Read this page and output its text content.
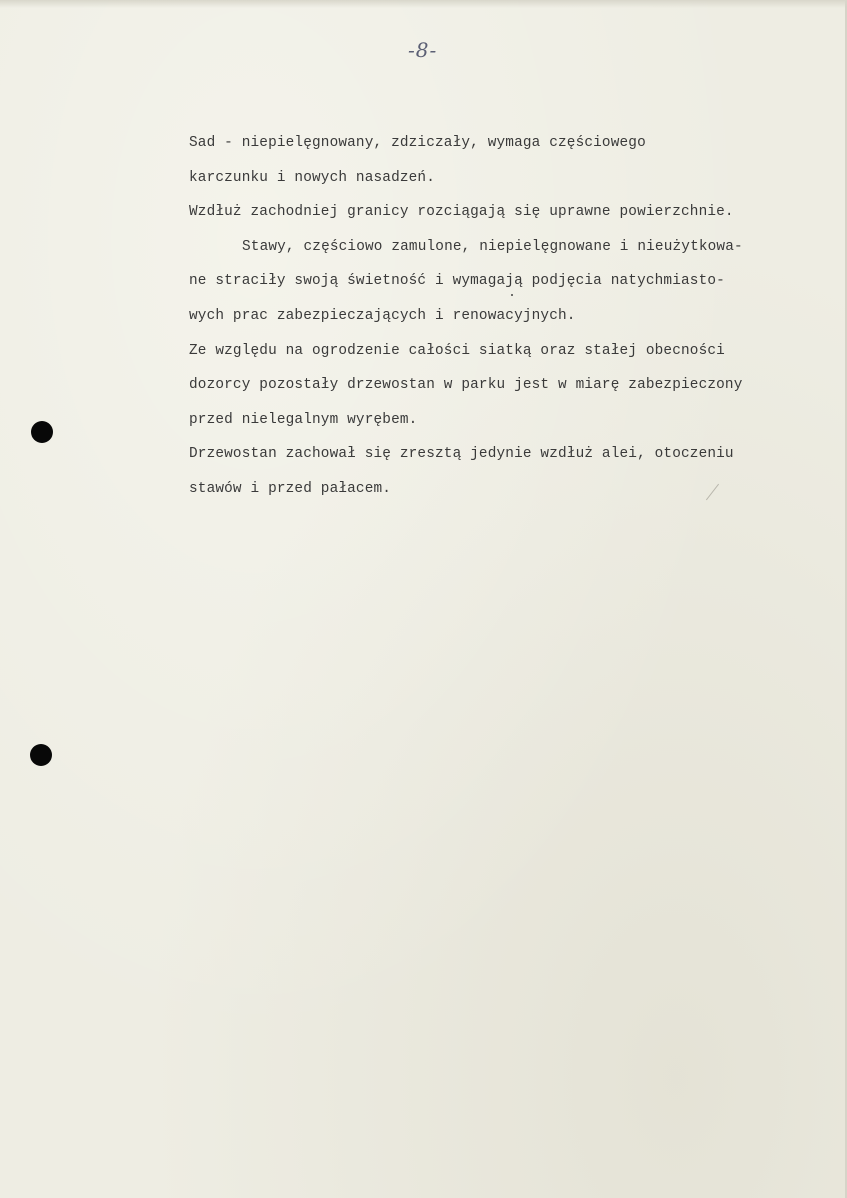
-8-
Sad - niepielęgnowany, zdziczały, wymaga częściowego
karczunku i nowych nasadzeń.
Wzdłuż zachodniej granicy rozciągają się uprawne powierzchnie.
Stawy, częściowo zamulone, niepielęgnowane i nieużytkowa-
ne straciły swoją świetność i wymagają podjęcia natychmiasto-
wych prac zabezpieczających i renowacyjnych.
Ze względu na ogrodzenie całości siatką oraz stałej obecności
dozorcy pozostały drzewostan w parku jest w miarę zabezpieczony
przed nielegalnym wyrębem.
Drzewostan zachował się zresztą jedynie wzdłuż alei, otoczeniu
stawów i przed pałacem.
